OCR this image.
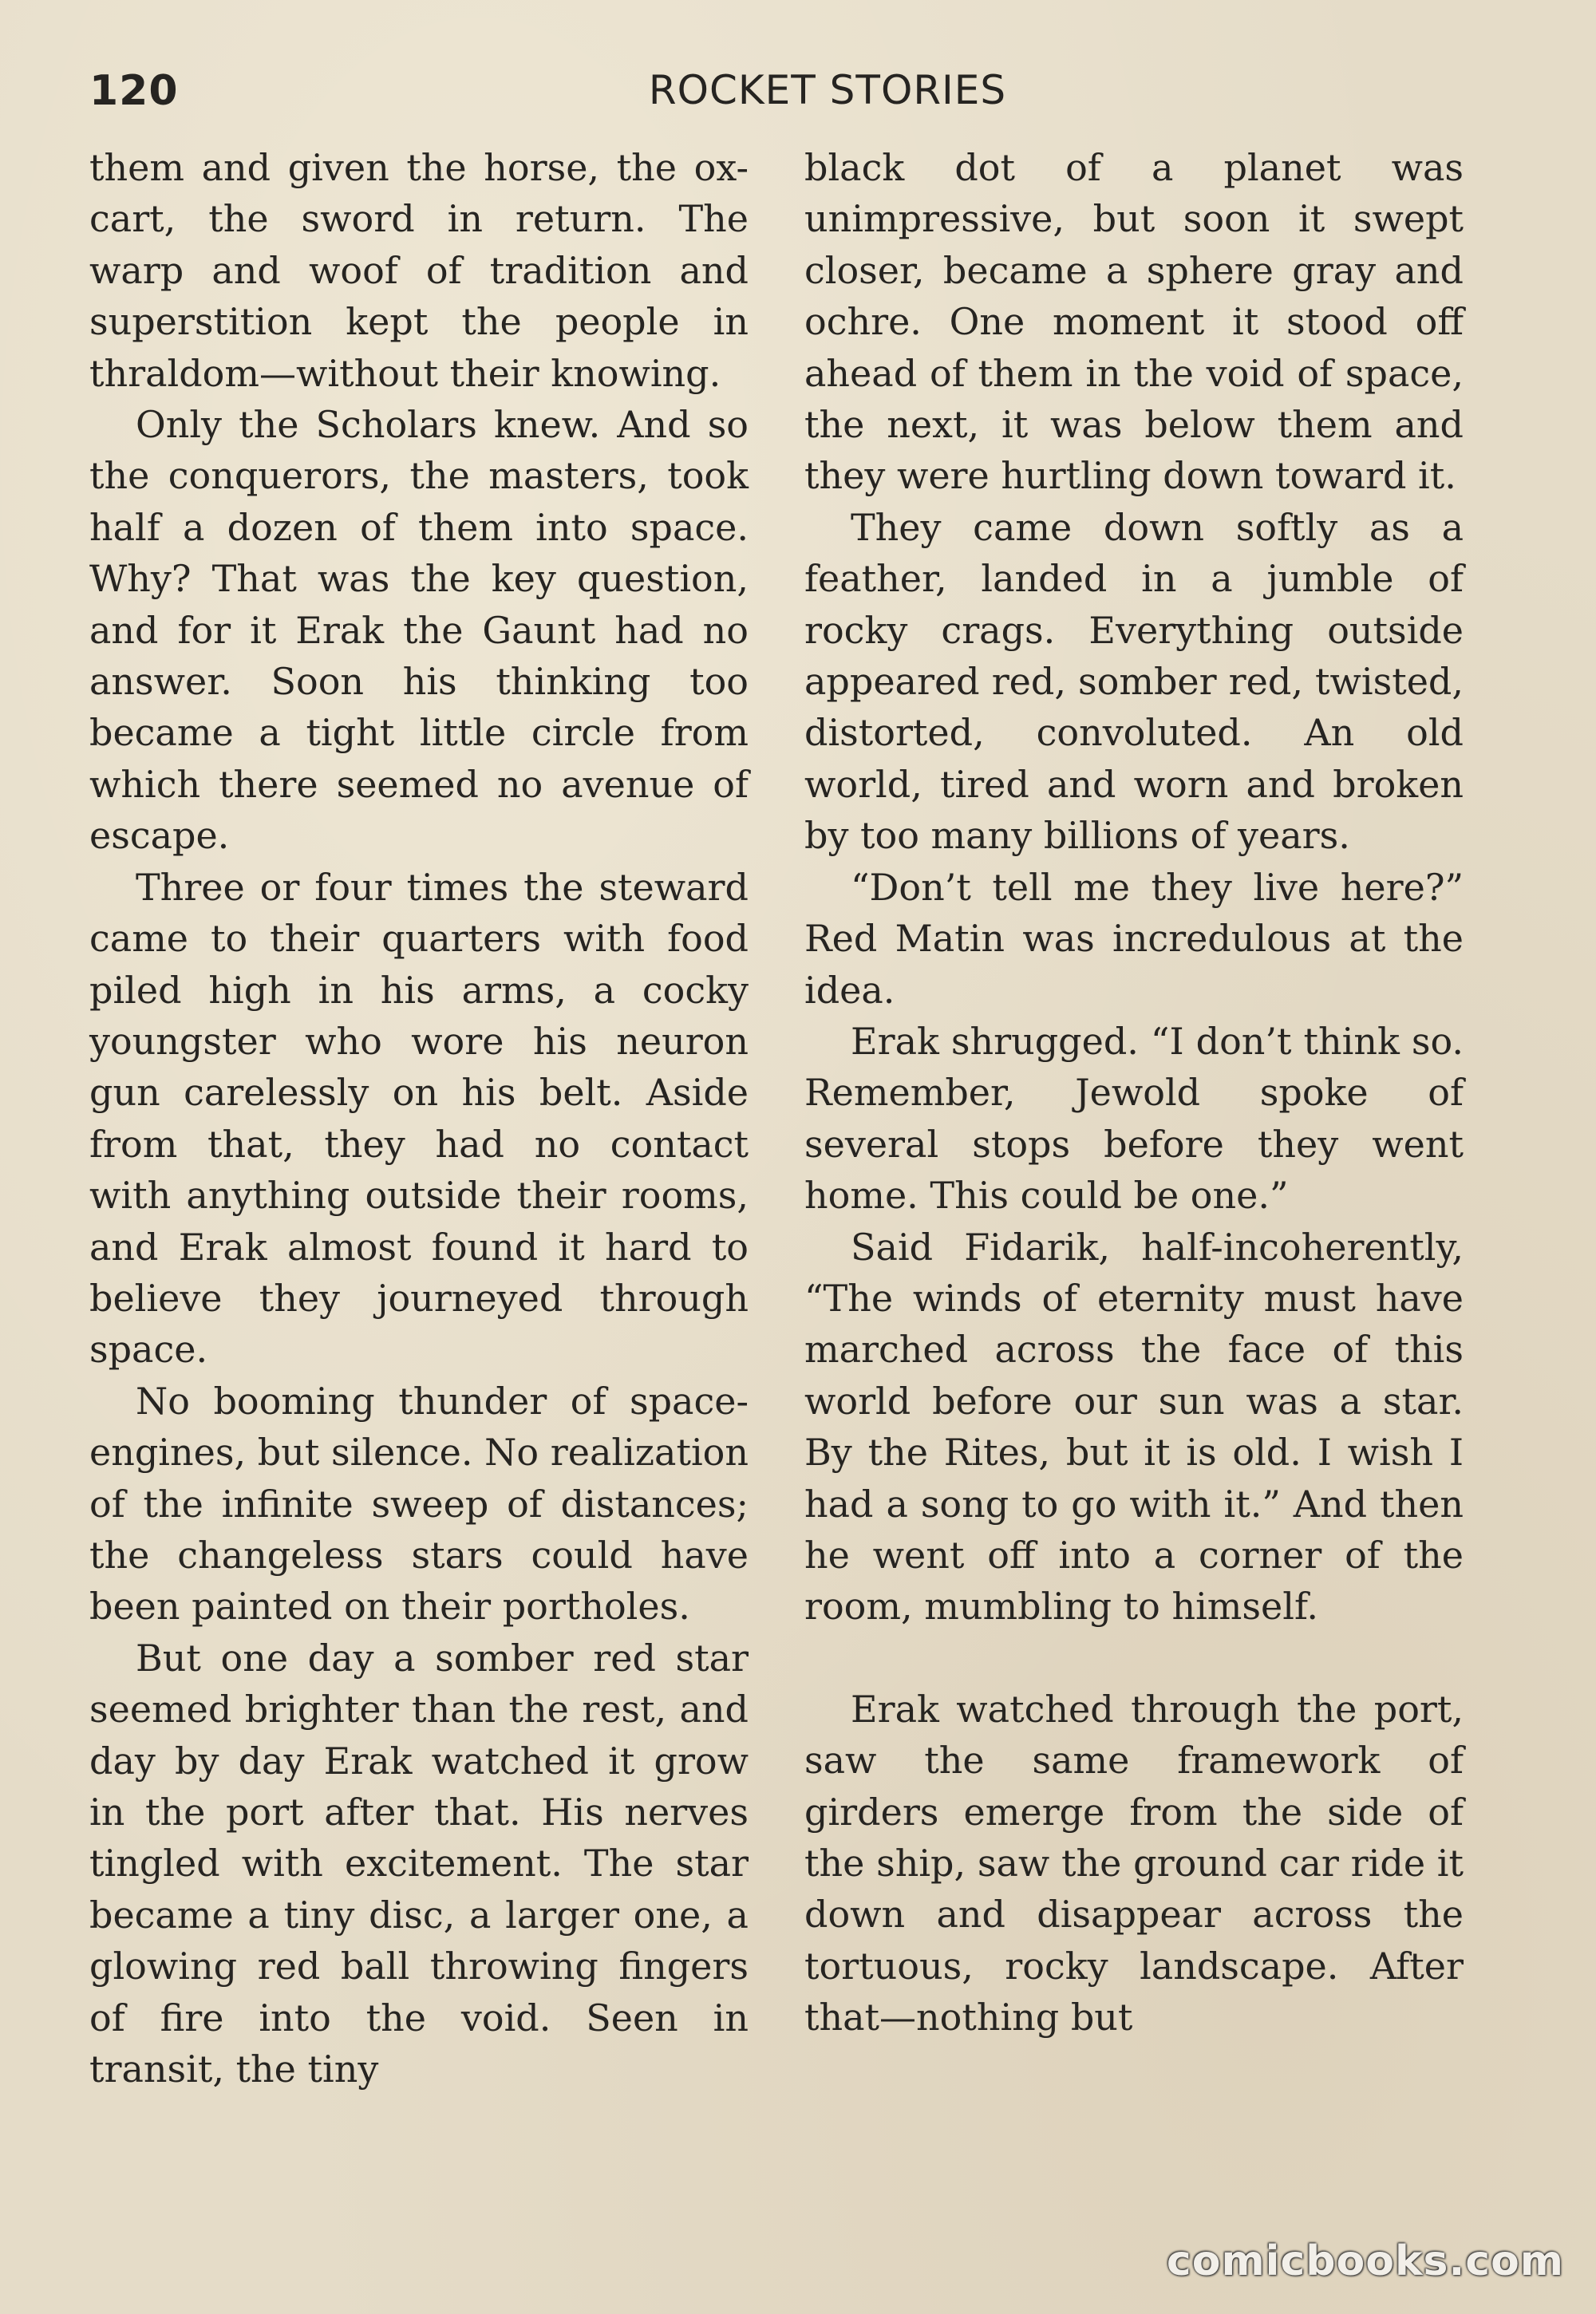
120	ROCKET STORIES

them and given the horse, the ox-cart, the sword in return. The warp and woof of tradition and superstition kept the people in thraldom—without their knowing.

Only the Scholars knew. And so the conquerors, the masters, took half a dozen of them into space. Why? That was the key question, and for it Erak the Gaunt had no answer. Soon his thinking too became a tight little circle from which there seemed no avenue of escape.

Three or four times the steward came to their quarters with food piled high in his arms, a cocky youngster who wore his neuron gun carelessly on his belt. Aside from that, they had no contact with anything outside their rooms, and Erak almost found it hard to believe they journeyed through space.

No booming thunder of space-engines, but silence. No realization of the infinite sweep of distances; the changeless stars could have been painted on their portholes.

But one day a somber red star seemed brighter than the rest, and day by day Erak watched it grow in the port after that. His nerves tingled with excitement. The star became a tiny disc, a larger one, a glowing red ball throwing fingers of fire into the void. Seen in transit, the tiny

black dot of a planet was unimpressive, but soon it swept closer, became a sphere gray and ochre. One moment it stood off ahead of them in the void of space, the next, it was below them and they were hurtling down toward it.

They came down softly as a feather, landed in a jumble of rocky crags. Everything outside appeared red, somber red, twisted, distorted, convoluted. An old world, tired and worn and broken by too many billions of years.

“Don’t tell me they live here?” Red Matin was incredulous at the idea.

Erak shrugged. “I don’t think so. Remember, Jewold spoke of several stops before they went home. This could be one.”

Said Fidarik, half-incoherently, “The winds of eternity must have marched across the face of this world before our sun was a star. By the Rites, but it is old. I wish I had a song to go with it.” And then he went off into a corner of the room, mumbling to himself.

Erak watched through the port, saw the same framework of girders emerge from the side of the ship, saw the ground car ride it down and disappear across the tortuous, rocky landscape. After that—nothing but

comicbooks.com
